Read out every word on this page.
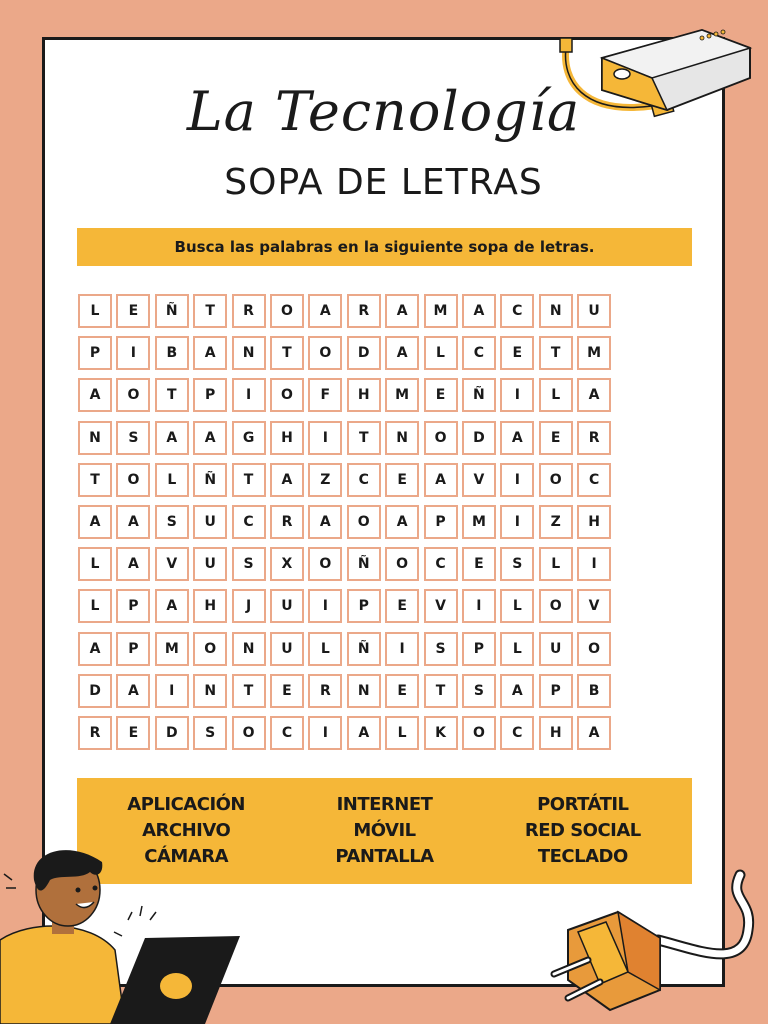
La Tecnología
SOPA DE LETRAS
Busca las palabras en la siguiente sopa de letras.
L	E	Ñ	T	R	O	A	R	A	M	A	C	N	U
P	I	B	A	N	T	O	D	A	L	C	E	T	M
A	O	T	P	I	O	F	H	M	E	Ñ	I	L	A
N	S	A	A	G	H	I	T	N	O	D	A	E	R
T	O	L	Ñ	T	A	Z	C	E	A	V	I	O	C
A	A	S	U	C	R	A	O	A	P	M	I	Z	H
L	A	V	U	S	X	O	Ñ	O	C	E	S	L	I
L	P	A	H	J	U	I	P	E	V	I	L	O	V
A	P	M	O	N	U	L	Ñ	I	S	P	L	U	O
D	A	I	N	T	E	R	N	E	T	S	A	P	B
R	E	D	S	O	C	I	A	L	K	O	C	H	A
APLICACIÓN
ARCHIVO
CÁMARA
INTERNET
MÓVIL
PANTALLA
PORTÁTIL
RED SOCIAL
TECLADO
